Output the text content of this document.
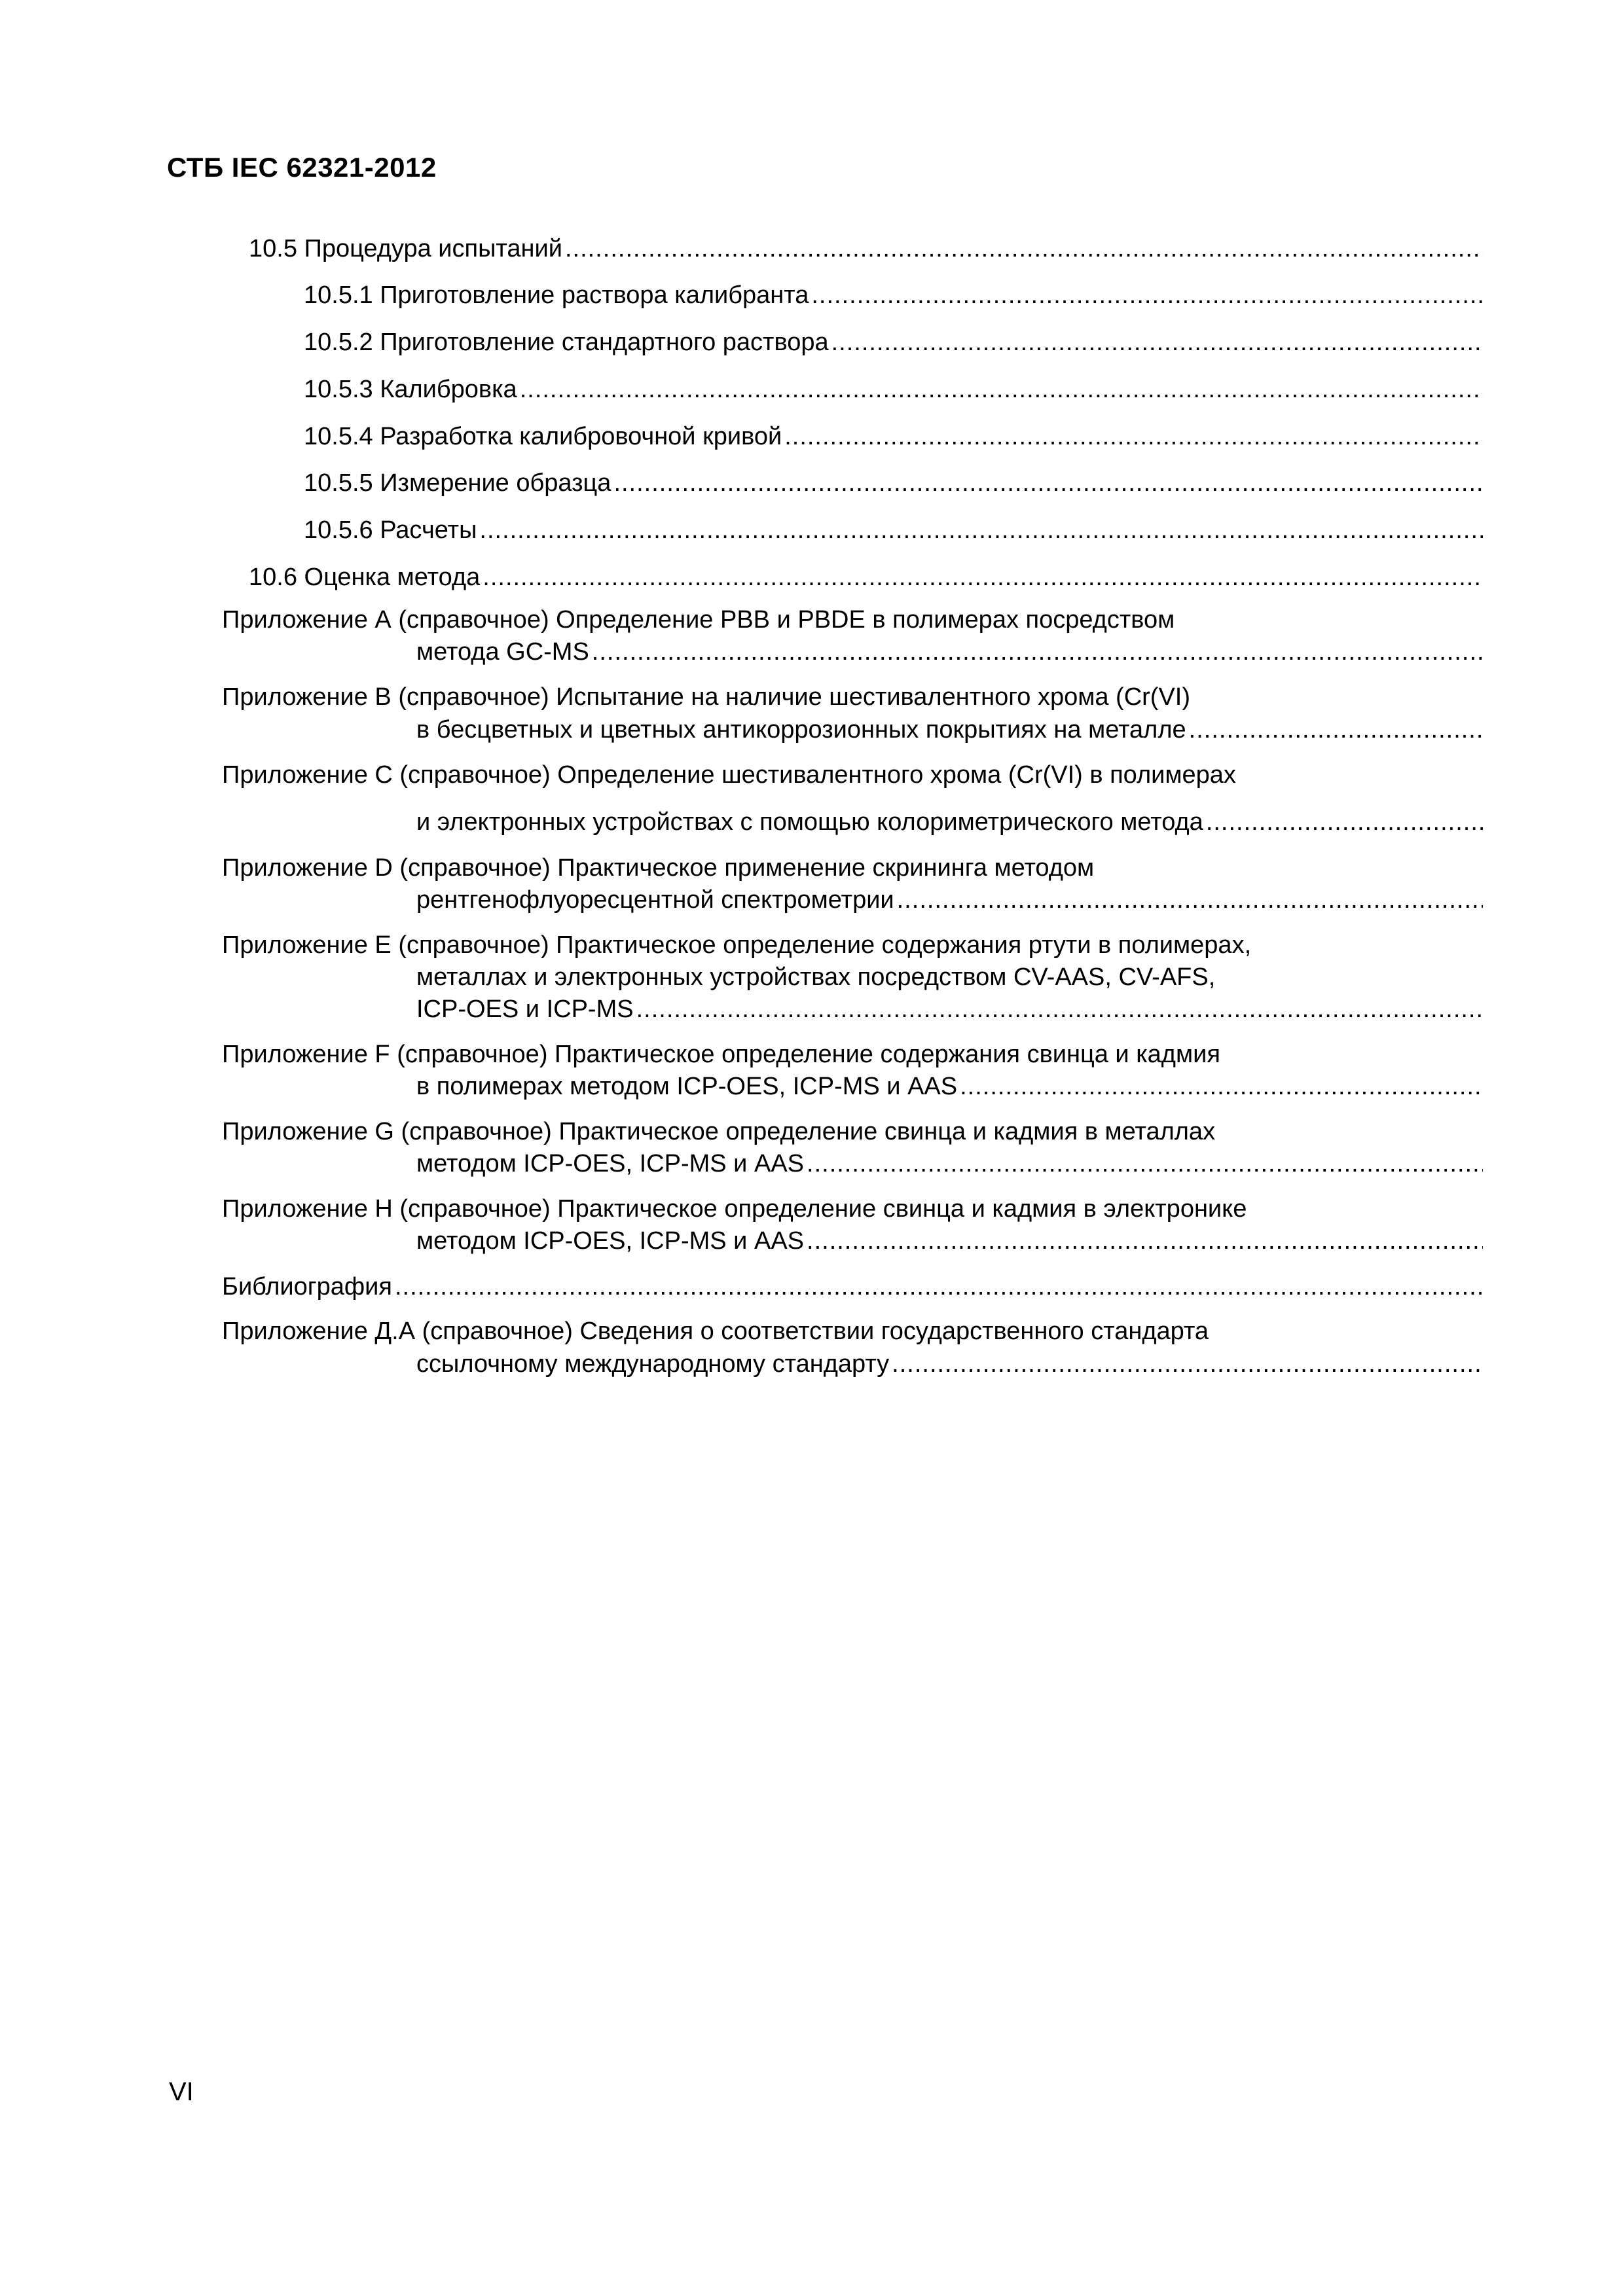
СТБ IEC 62321-2012
10.5 Процедура испытаний
.....
10.5.1 Приготовление раствора калибранта
.....
10.5.2 Приготовление стандартного раствора
.....
10.5.3 Калибровка
.....
10.5.4 Разработка калибровочной кривой
.....
10.5.5 Измерение образца
.....
10.5.6 Расчеты
.....
10.6 Оценка метода
.....
Приложение А (справочное) Определение PBB и PBDE в полимерах посредством
метода GC-MS
.....
Приложение В (справочное) Испытание на наличие шестивалентного хрома (Cr(VI)
в бесцветных и цветных антикоррозионных покрытиях на металле
.....
Приложение С (справочное) Определение шестивалентного хрома (Cr(VI) в полимерах
и электронных устройствах с помощью колориметрического метода
.....
Приложение D (справочное) Практическое применение скрининга методом
рентгенофлуоресцентной спектрометрии
.....
Приложение Е (справочное) Практическое определение содержания ртути в полимерах,
металлах и электронных устройствах посредством CV-AAS, CV-AFS,
ICP-OES и ICP-MS
.....
Приложение F (справочное) Практическое определение содержания свинца и кадмия
в полимерах методом ICP-OES, ICP-MS и AAS
.....
Приложение G (справочное) Практическое определение свинца и кадмия в металлах
методом ICP-OES, ICP-MS и AAS
.....
Приложение Н (справочное) Практическое определение свинца и кадмия в электронике
методом ICP-OES, ICP-MS и AAS
.....
Библиография
.....
Приложение Д.А (справочное) Сведения о соответствии государственного стандарта
ссылочному международному стандарту
.....
VI
